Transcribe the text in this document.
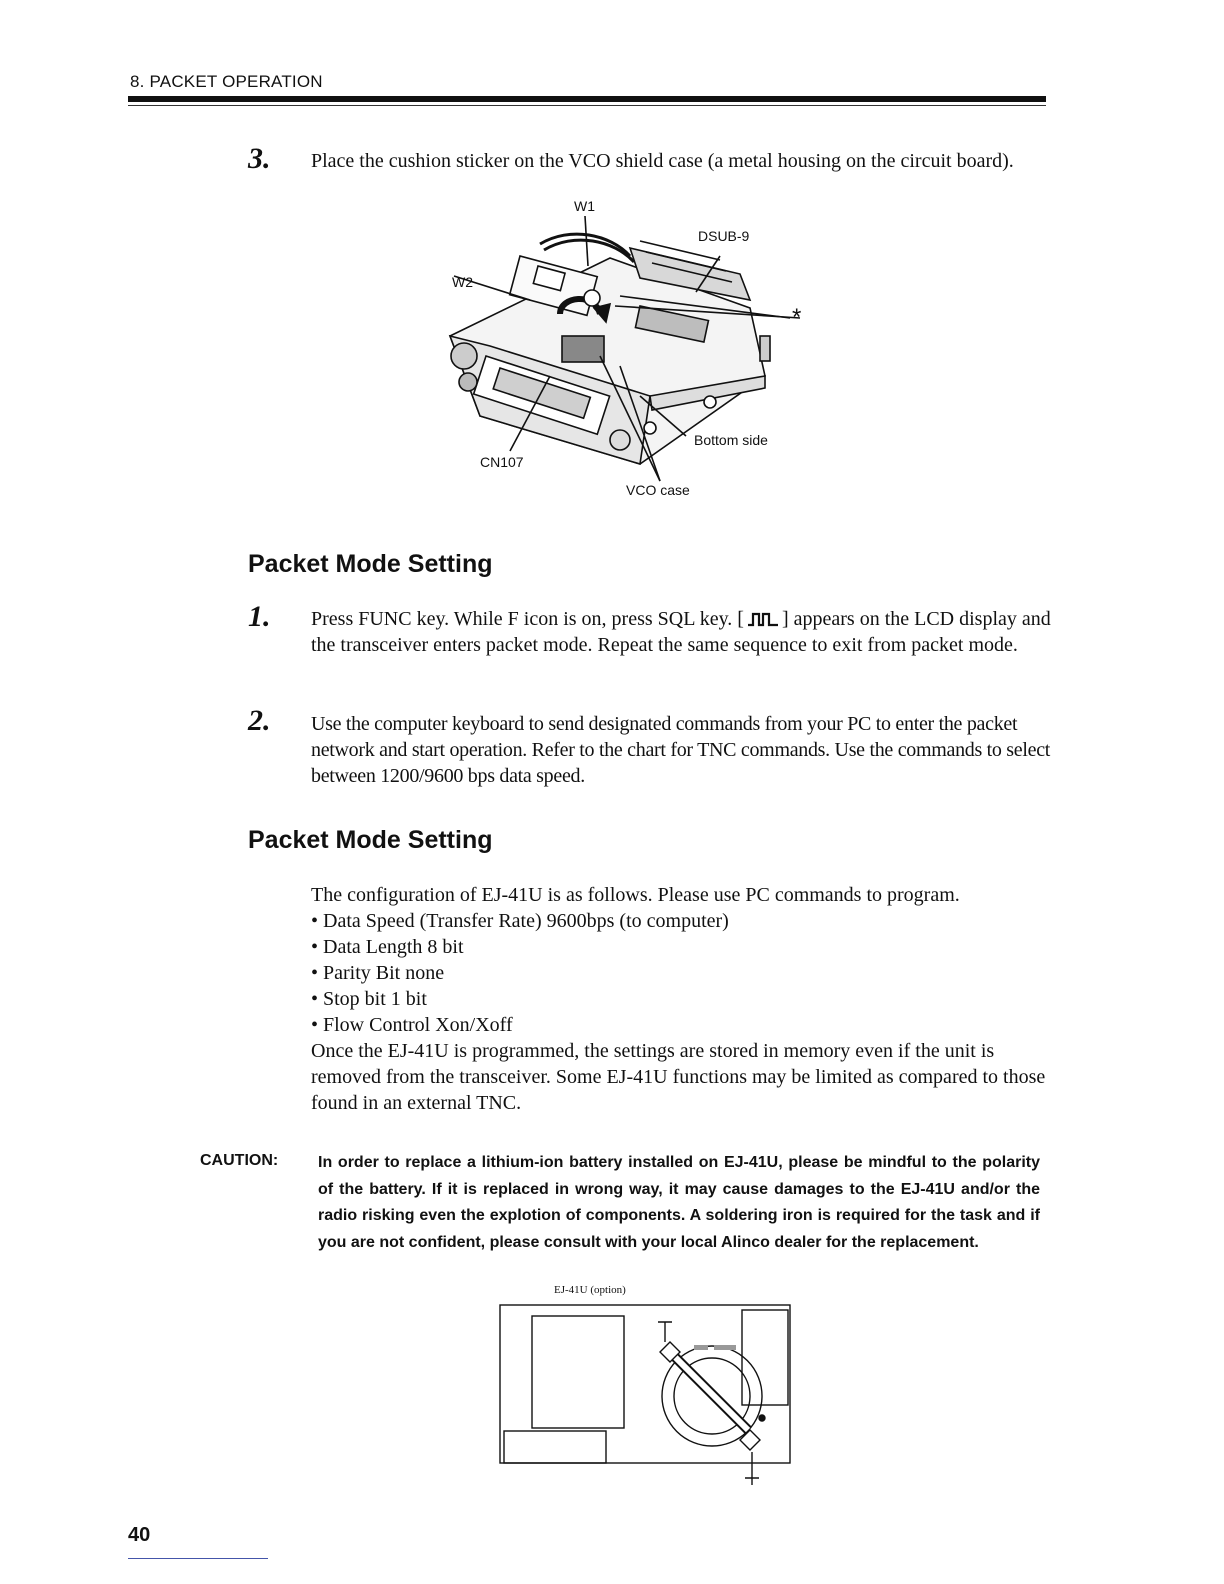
8. PACKET OPERATION
3. Place the cushion sticker on the VCO shield case (a metal housing on the circuit board).
W1
W2
DSUB-9
*
CN107
Bottom side
VCO case
Packet Mode Setting
1. Press FUNC key. While F icon is on, press SQL key. [ ] appears on the LCD display and the transceiver enters packet mode. Repeat the same sequence to exit from packet mode.
2. Use the computer keyboard to send designated commands from your PC to enter the packet network and start operation. Refer to the chart for TNC commands. Use the commands to select between 1200/9600 bps data speed.
Packet Mode Setting
The configuration of EJ-41U is as follows. Please use PC commands to program.
• Data Speed (Transfer Rate) 9600bps (to computer)
• Data Length 8 bit
• Parity Bit none
• Stop bit 1 bit
• Flow Control Xon/Xoff
Once the EJ-41U is programmed, the settings are stored in memory even if the unit is removed from the transceiver. Some EJ-41U functions may be limited as compared to those found in an external TNC.
CAUTION: In order to replace a lithium-ion battery installed on EJ-41U, please be mindful to the polarity of the battery. If it is replaced in wrong way, it may cause damages to the EJ-41U and/or the radio risking even the explotion of components. A soldering iron is required for the task and if you are not confident, please consult with your local Alinco dealer for the replacement.
EJ-41U (option)
40
